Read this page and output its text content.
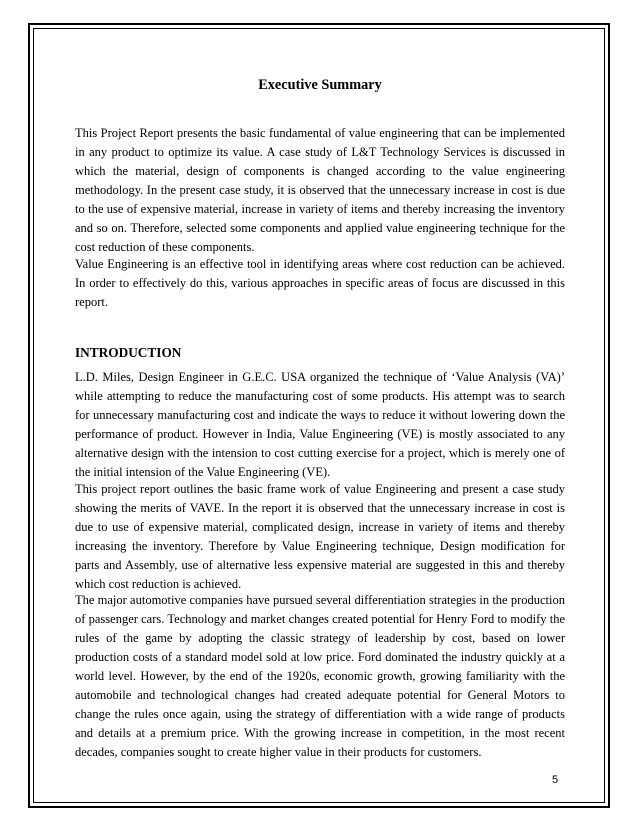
Executive Summary

This Project Report presents the basic fundamental of value engineering that can be implemented in any product to optimize its value. A case study of L&T Technology Services is discussed in which the material, design of components is changed according to the value engineering methodology. In the present case study, it is observed that the unnecessary increase in cost is due to the use of expensive material, increase in variety of items and thereby increasing the inventory and so on. Therefore, selected some components and applied value engineering technique for the cost reduction of these components.

Value Engineering is an effective tool in identifying areas where cost reduction can be achieved. In order to effectively do this, various approaches in specific areas of focus are discussed in this report.

INTRODUCTION

L.D. Miles, Design Engineer in G.E.C. USA organized the technique of ‘Value Analysis (VA)’ while attempting to reduce the manufacturing cost of some products. His attempt was to search for unnecessary manufacturing cost and indicate the ways to reduce it without lowering down the performance of product. However in India, Value Engineering (VE) is mostly associated to any alternative design with the intension to cost cutting exercise for a project, which is merely one of the initial intension of the Value Engineering (VE).

This project report outlines the basic frame work of value Engineering and present a case study showing the merits of VAVE. In the report it is observed that the unnecessary increase in cost is due to use of expensive material, complicated design, increase in variety of items and thereby increasing the inventory. Therefore by Value Engineering technique, Design modification for parts and Assembly, use of alternative less expensive material are suggested in this and thereby which cost reduction is achieved.

The major automotive companies have pursued several differentiation strategies in the production of passenger cars. Technology and market changes created potential for Henry Ford to modify the rules of the game by adopting the classic strategy of leadership by cost, based on lower production costs of a standard model sold at low price. Ford dominated the industry quickly at a world level. However, by the end of the 1920s, economic growth, growing familiarity with the automobile and technological changes had created adequate potential for General Motors to change the rules once again, using the strategy of differentiation with a wide range of products and details at a premium price. With the growing increase in competition, in the most recent decades, companies sought to create higher value in their products for customers.

5
